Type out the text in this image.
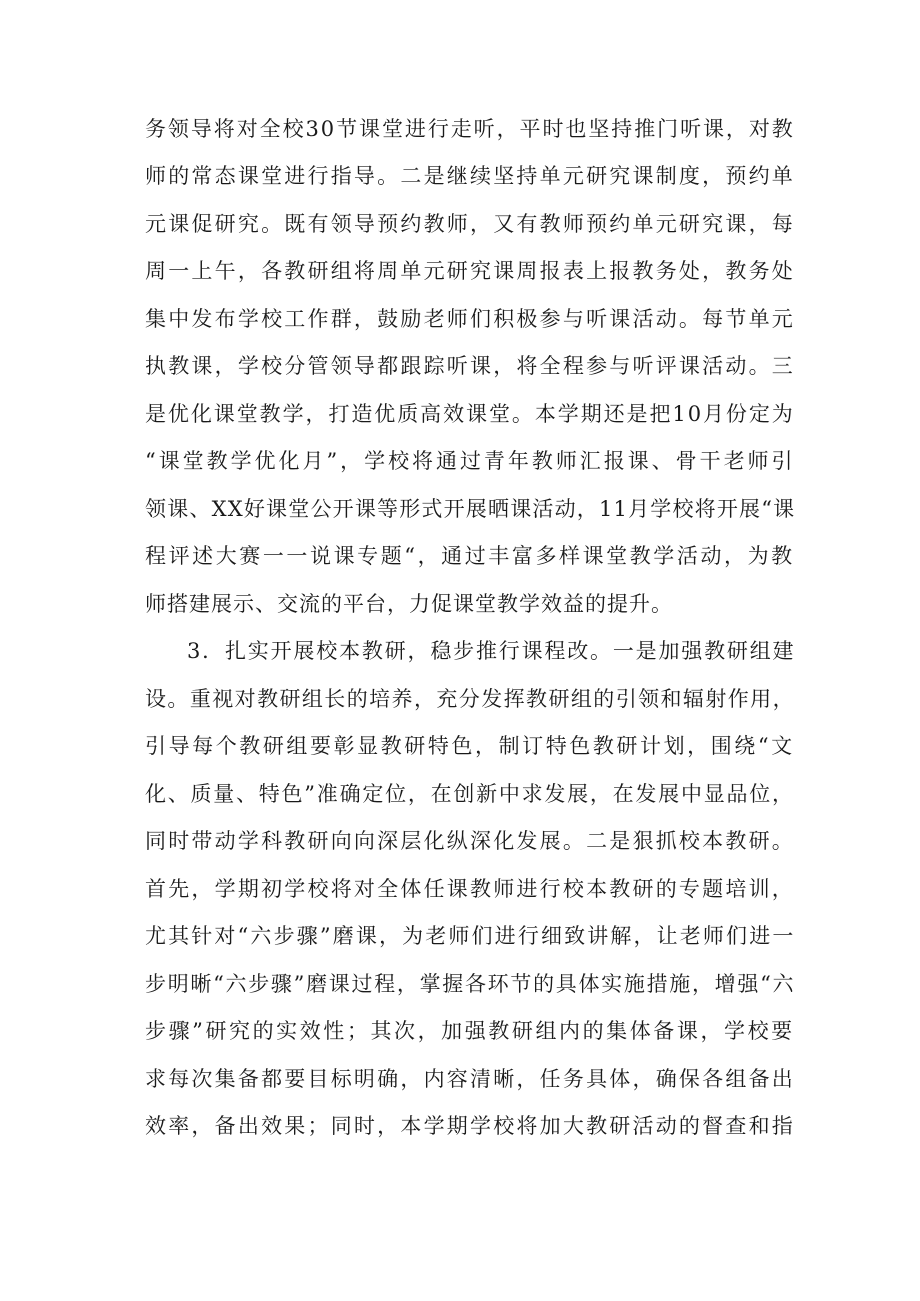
务领导将对全校30节课堂进行走听，平时也坚持推门听课，对教
师的常态课堂进行指导。二是继续坚持单元研究课制度，预约单
元课促研究。既有领导预约教师，又有教师预约单元研究课，每
周一上午，各教研组将周单元研究课周报表上报教务处，教务处
集中发布学校工作群，鼓励老师们积极参与听课活动。每节单元
执教课，学校分管领导都跟踪听课，将全程参与听评课活动。三
是优化课堂教学，打造优质高效课堂。本学期还是把10月份定为
“课堂教学优化月”，学校将通过青年教师汇报课、骨干老师引
领课、XX好课堂公开课等形式开展晒课活动，11月学校将开展“课
程评述大赛一一说课专题“，通过丰富多样课堂教学活动，为教
师搭建展示、交流的平台，力促课堂教学效益的提升。
3．扎实开展校本教研，稳步推行课程改。一是加强教研组建
设。重视对教研组长的培养，充分发挥教研组的引领和辐射作用，
引导每个教研组要彰显教研特色，制订特色教研计划，围绕“文
化、质量、特色”准确定位，在创新中求发展，在发展中显品位，
同时带动学科教研向向深层化纵深化发展。二是狠抓校本教研。
首先，学期初学校将对全体任课教师进行校本教研的专题培训，
尤其针对“六步骤”磨课，为老师们进行细致讲解，让老师们进一
步明晰“六步骤”磨课过程，掌握各环节的具体实施措施，增强“六
步骤”研究的实效性；其次，加强教研组内的集体备课，学校要
求每次集备都要目标明确，内容清晰，任务具体，确保各组备出
效率，备出效果；同时，本学期学校将加大教研活动的督查和指
